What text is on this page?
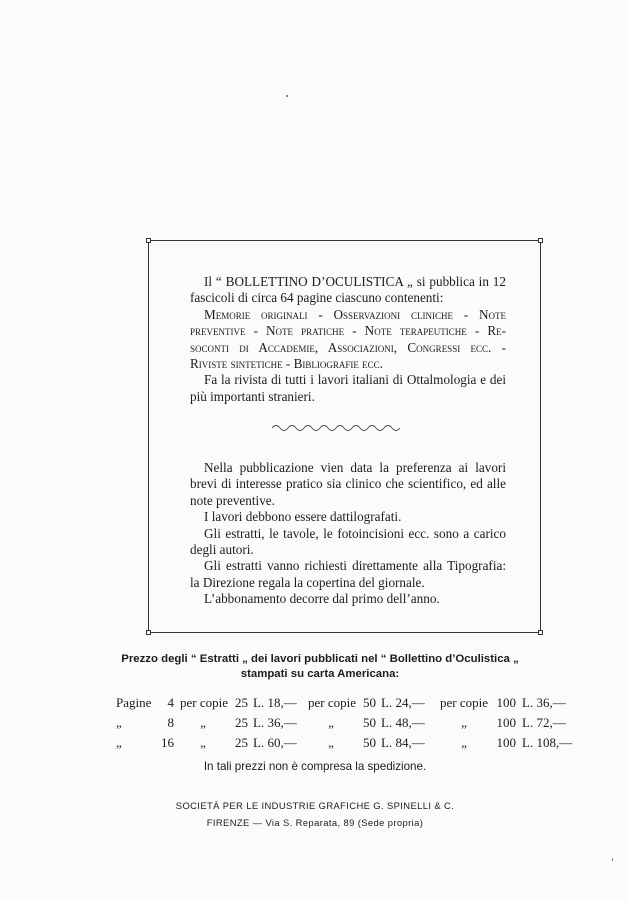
Il “ BOLLETTINO D’OCULISTICA „ si pubblica in 12 fascicoli di circa 64 pagine ciascuno contenenti:

Memorie originali - Osservazioni cliniche - Note

preventive - Note pratiche - Note terapeutiche - Re-

soconti di Accademie, Associazioni, Congressi ecc. -

Riviste sintetiche - Bibliografie ecc.

Fa la rivista di tutti i lavori italiani di Ottalmologia e dei più importanti stranieri.

Nella pubblicazione vien data la preferenza ai lavori brevi di interesse pratico sia clinico che scientifico, ed alle note preventive.

I lavori debbono essere dattilografati.

Gli estratti, le tavole, le fotoincisioni ecc. sono a carico degli autori.

Gli estratti vanno richiesti direttamente alla Tipografia: la Direzione regala la copertina del giornale.

L’abbonamento decorre dal primo dell’anno.

Prezzo degli “ Estratti „ dei lavori pubblicati nel “ Bollettino d’Oculistica „
stampati su carta Americana:
Pagine	4 per copie 25 L. 18,— per copie 50 L. 24,— per copie 100 L. 36,—
„	8	„	25 L. 36,—	„	50 L. 48,—	„	100 L. 72,—
„	16	„	25 L. 60,—	„	50 L. 84,—	„	100 L. 108,—
In tali prezzi non è compresa la spedizione.
SOCIETÀ PER LE INDUSTRIE GRAFICHE G. SPINELLI & C.
FIRENZE — Via S. Reparata, 89 (Sede propria)
